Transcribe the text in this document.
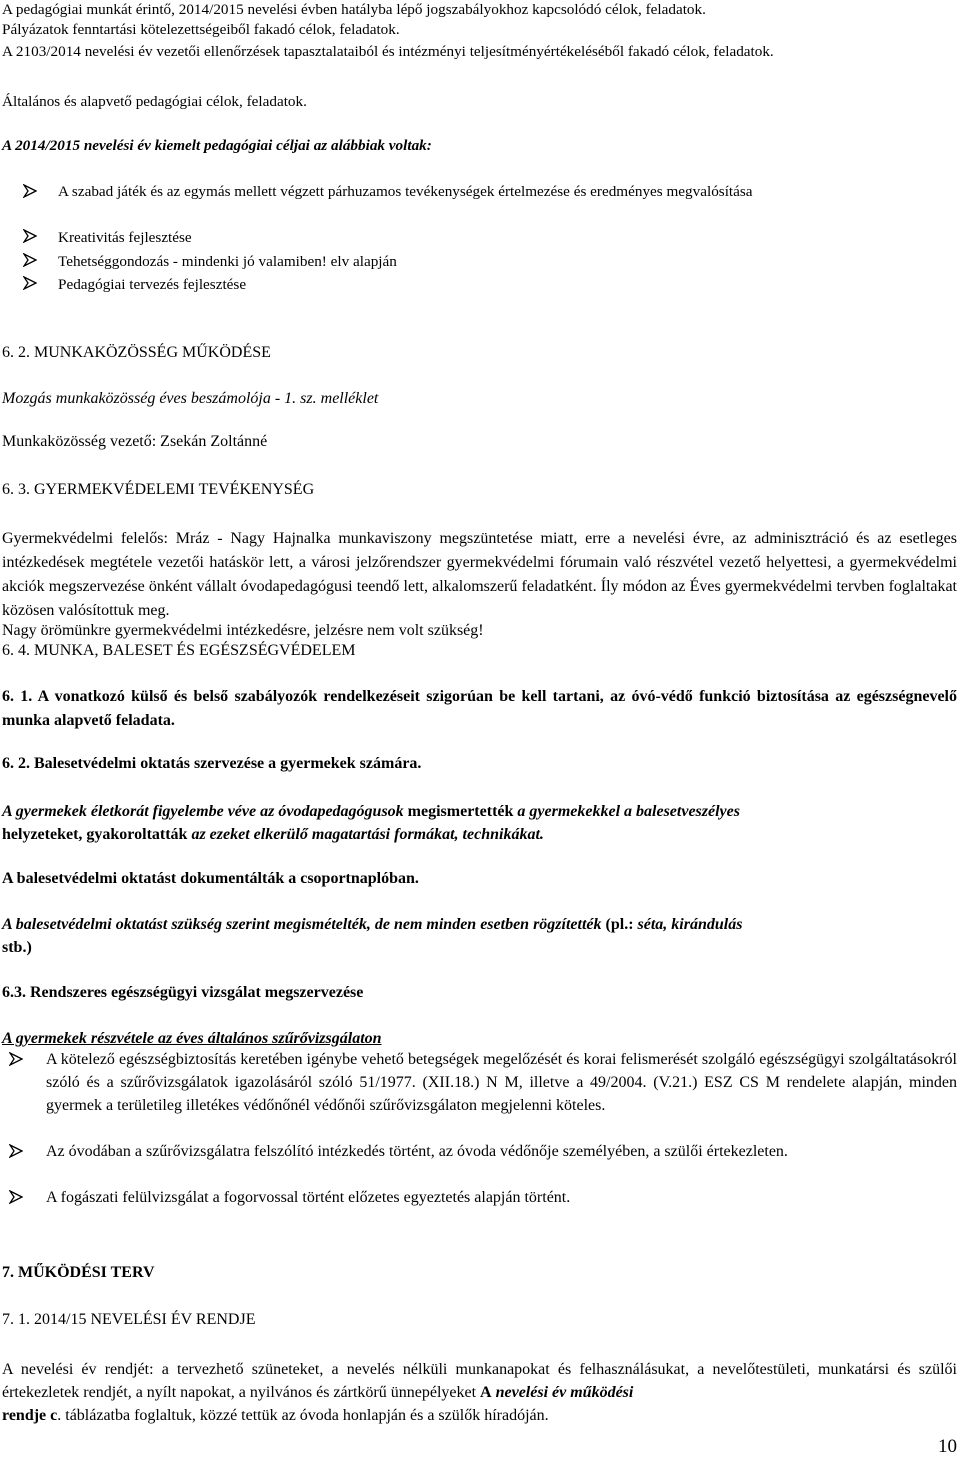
A pedagógiai munkát érintő, 2014/2015 nevelési évben hatályba lépő jogszabályokhoz kapcsolódó célok, feladatok.

Pályázatok fenntartási kötelezettségeiből fakadó célok, feladatok.

A 2103/2014 nevelési év vezetői ellenőrzések tapasztalataiból és intézményi teljesítményértékeléséből fakadó célok, feladatok.

Általános és alapvető pedagógiai célok, feladatok.

A 2014/2015 nevelési év kiemelt pedagógiai céljai az alábbiak voltak:

A szabad játék és az egymás mellett végzett párhuzamos tevékenységek értelmezése és eredményes megvalósítása
Kreativitás fejlesztése
Tehetséggondozás - mindenki jó valamiben! elv alapján
Pedagógiai tervezés fejlesztése

6. 2. MUNKAKÖZÖSSÉG MŰKÖDÉSE

Mozgás munkaközösség éves beszámolója - 1. sz. melléklet

Munkaközösség vezető: Zsekán Zoltánné

6. 3. GYERMEKVÉDELEMI TEVÉKENYSÉG

Gyermekvédelmi felelős: Mráz - Nagy Hajnalka munkaviszony megszüntetése miatt, erre a nevelési évre, az adminisztráció és az esetleges intézkedések megtétele vezetői hatáskör lett, a városi jelzőrendszer gyermekvédelmi fórumain való részvétel vezető helyettesi, a gyermekvédelmi akciók megszervezése önként vállalt óvodapedagógusi teendő lett, alkalomszerű feladatként. Íly módon az Éves gyermekvédelmi tervben foglaltakat közösen valósítottuk meg.

Nagy örömünkre gyermekvédelmi intézkedésre, jelzésre nem volt szükség!

6. 4. MUNKA, BALESET ÉS EGÉSZSÉGVÉDELEM

6. 1. A vonatkozó külső és belső szabályozók rendelkezéseit szigorúan be kell tartani, az óvó-védő funkció biztosítása az egészségnevelő munka alapvető feladata.

6. 2. Balesetvédelmi oktatás szervezése a gyermekek számára.

A gyermekek életkorát figyelembe véve az óvodapedagógusok megismertették a gyermekekkel a balesetveszélyes
helyzeteket, gyakoroltatták az ezeket elkerülő magatartási formákat, technikákat.

A balesetvédelmi oktatást dokumentálták a csoportnaplóban.

A balesetvédelmi oktatást szükség szerint megismételték, de nem minden esetben rögzítették (pl.: séta, kirándulás
stb.)

6.3. Rendszeres egészségügyi vizsgálat megszervezése

A gyermekek részvétele az éves általános szűrővizsgálaton

A kötelező egészségbiztosítás keretében igénybe vehető betegségek megelőzését és korai felismerését szolgáló egészségügyi szolgáltatásokról szóló és a szűrővizsgálatok igazolásáról szóló 51/1977. (XII.18.) N M, illetve a 49/2004. (V.21.) ESZ CS M rendelete alapján, minden gyermek a területileg illetékes védőnőnél védőnői szűrővizsgálaton megjelenni köteles.
Az óvodában a szűrővizsgálatra felszólító intézkedés történt, az óvoda védőnője személyében, a szülői értekezleten.
A fogászati felülvizsgálat a fogorvossal történt előzetes egyeztetés alapján történt.

7. MŰKÖDÉSI TERV

7. 1. 2014/15 NEVELÉSI ÉV RENDJE

A nevelési év rendjét: a tervezhető szüneteket, a nevelés nélküli munkanapokat és felhasználásukat, a nevelőtestületi, munkatársi és szülői értekezletek rendjét, a nyílt napokat, a nyilvános és zártkörű ünnepélyeket A nevelési év működési
rendje c. táblázatba foglaltuk, közzé tettük az óvoda honlapján és a szülők híradóján.

10
